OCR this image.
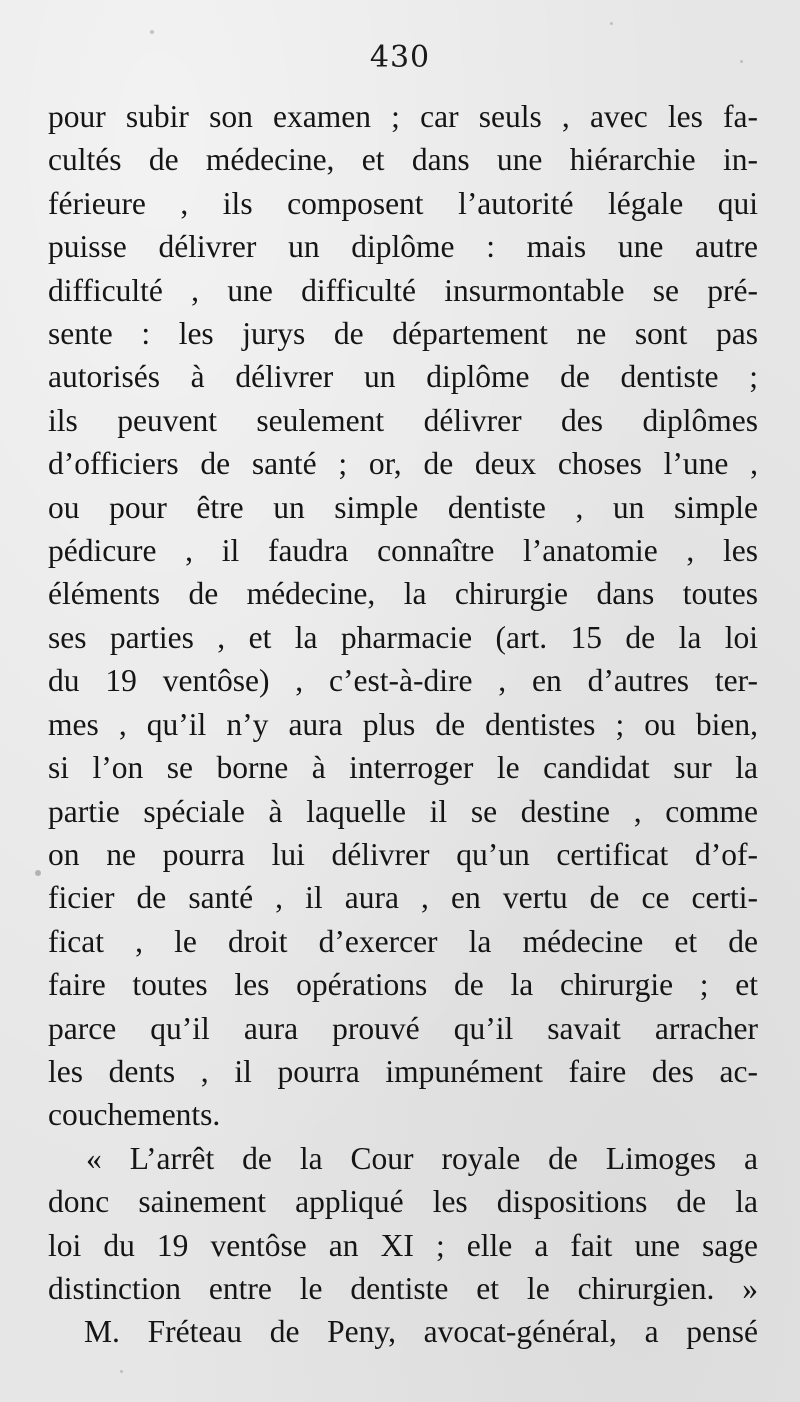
430
pour subir son examen ; car seuls , avec les fa-
cultés de médecine, et dans une hiérarchie in-
férieure , ils composent l’autorité légale qui
puisse délivrer un diplôme : mais une autre
difficulté , une difficulté insurmontable se pré-
sente : les jurys de département ne sont pas
autorisés à délivrer un diplôme de dentiste ;
ils peuvent seulement délivrer des diplômes
d’officiers de santé ; or, de deux choses l’une ,
ou pour être un simple dentiste , un simple
pédicure , il faudra connaître l’anatomie , les
éléments de médecine, la chirurgie dans toutes
ses parties , et la pharmacie (art. 15 de la loi
du 19 ventôse) , c’est-à-dire , en d’autres ter-
mes , qu’il n’y aura plus de dentistes ; ou bien,
si l’on se borne à interroger le candidat sur la
partie spéciale à laquelle il se destine , comme
on ne pourra lui délivrer qu’un certificat d’of-
ficier de santé , il aura , en vertu de ce certi-
ficat , le droit d’exercer la médecine et de
faire toutes les opérations de la chirurgie ; et
parce qu’il aura prouvé qu’il savait arracher
les dents , il pourra impunément faire des ac-
couchements.
« L’arrêt de la Cour royale de Limoges a
donc sainement appliqué les dispositions de la
loi du 19 ventôse an XI ; elle a fait une sage
distinction entre le dentiste et le chirurgien. »
M. Fréteau de Peny, avocat-général, a pensé
